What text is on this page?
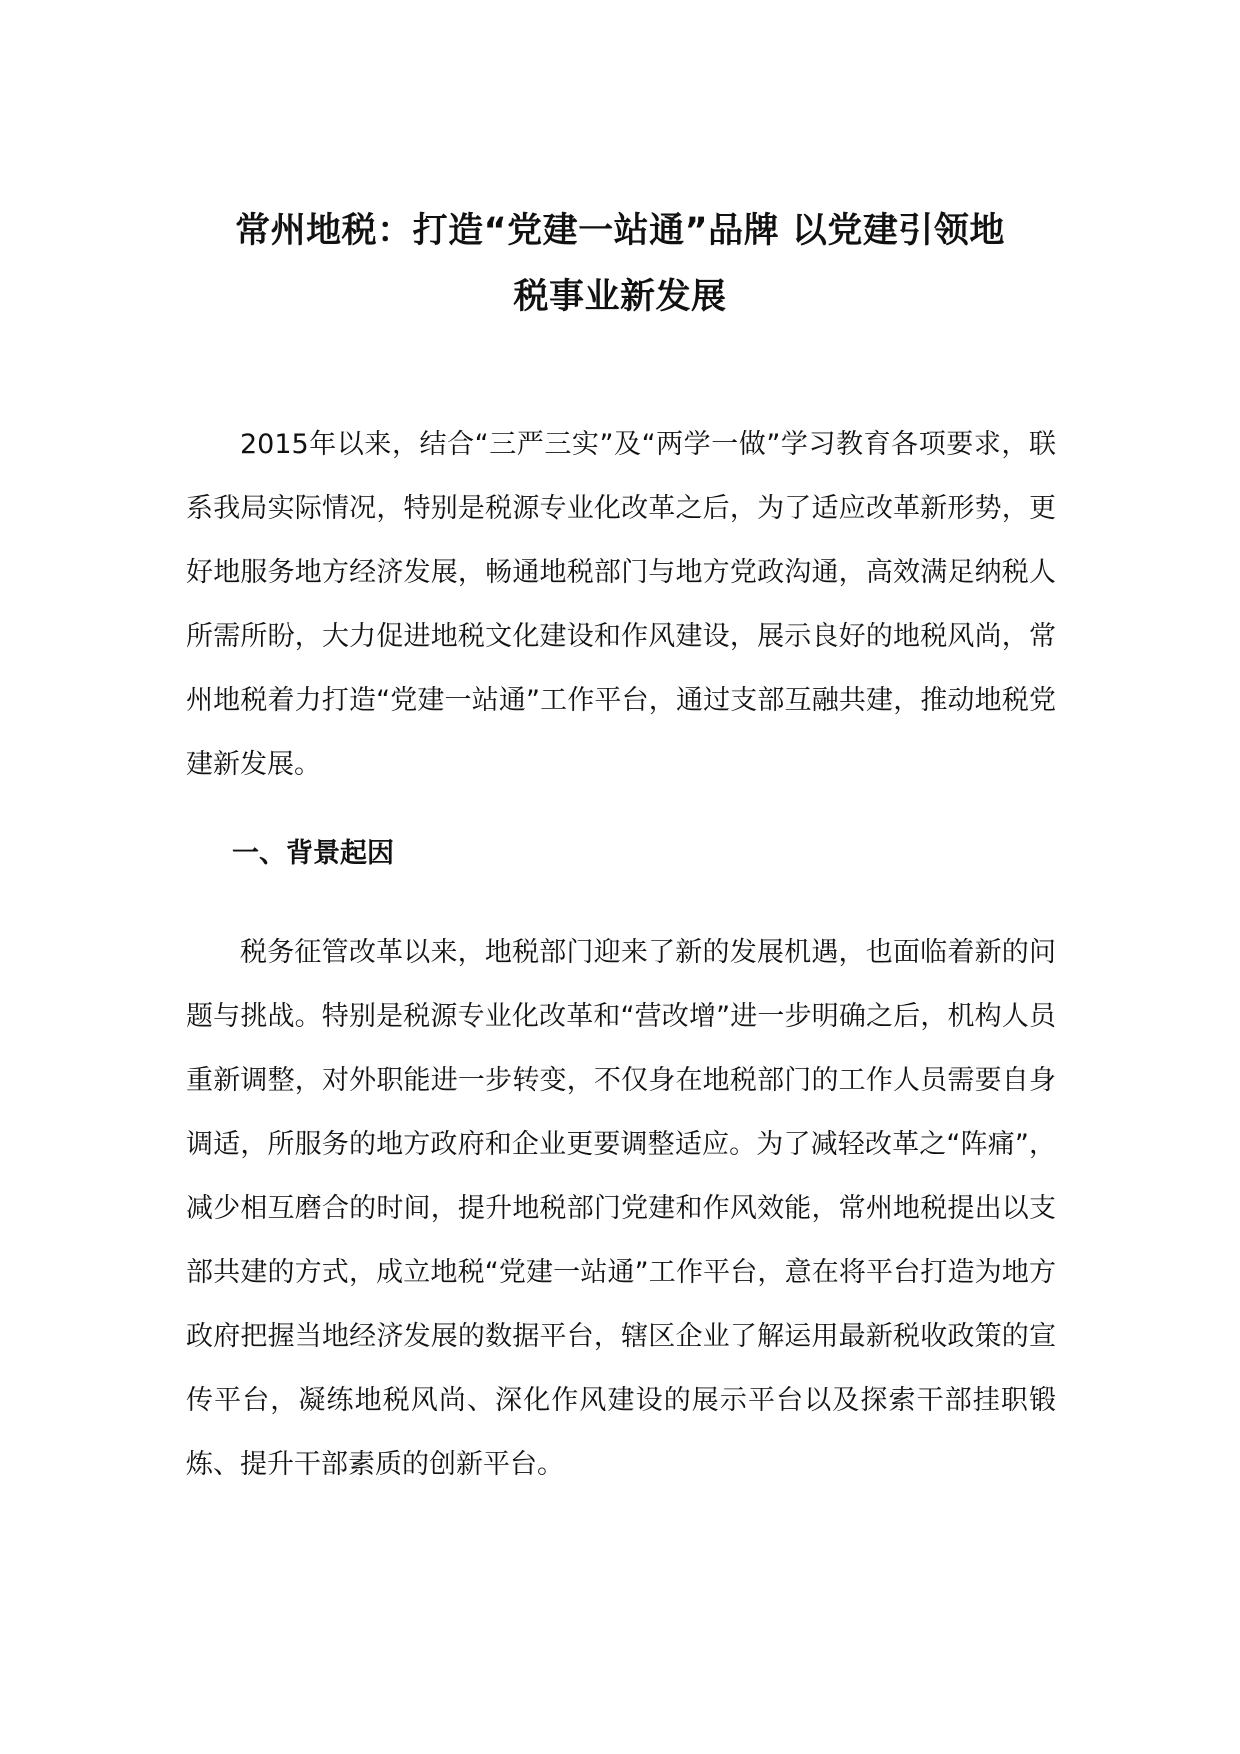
常州地税：打造“党建一站通”品牌 以党建引领地
税事业新发展

2015年以来，结合“三严三实”及“两学一做”学习教育各项要求，联系我局实际情况，特别是税源专业化改革之后，为了适应改革新形势，更好地服务地方经济发展，畅通地税部门与地方党政沟通，高效满足纳税人所需所盼，大力促进地税文化建设和作风建设，展示良好的地税风尚，常州地税着力打造“党建一站通”工作平台，通过支部互融共建，推动地税党建新发展。

一、背景起因

税务征管改革以来，地税部门迎来了新的发展机遇，也面临着新的问题与挑战。特别是税源专业化改革和“营改增”进一步明确之后，机构人员重新调整，对外职能进一步转变，不仅身在地税部门的工作人员需要自身调适，所服务的地方政府和企业更要调整适应。为了减轻改革之“阵痛”，减少相互磨合的时间，提升地税部门党建和作风效能，常州地税提出以支部共建的方式，成立地税“党建一站通”工作平台，意在将平台打造为地方政府把握当地经济发展的数据平台，辖区企业了解运用最新税收政策的宣传平台，凝练地税风尚、深化作风建设的展示平台以及探索干部挂职锻炼、提升干部素质的创新平台。
